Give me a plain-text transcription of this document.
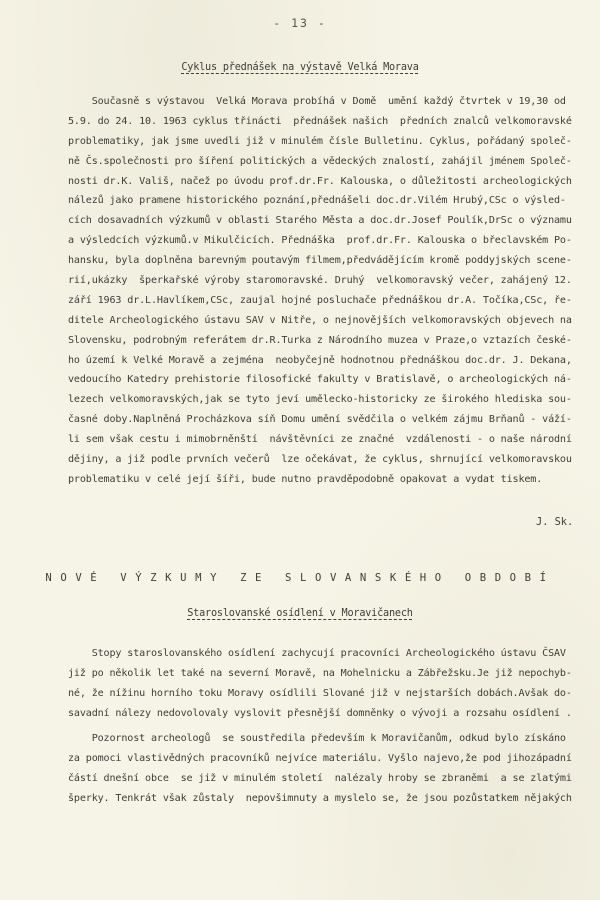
- 13 -
Cyklus přednášek na výstavě Velká Morava
Současně s výstavou  Velká Morava probíhá v Domě  umění každý čtvrtek v 19,30 od
5.9. do 24. 10. 1963 cyklus třinácti  přednášek našich  předních znalců velkomoravské
problematiky, jak jsme uvedli již v minulém čísle Bulletinu. Cyklus, pořádaný společ-
ně Čs.společnosti pro šíření politických a vědeckých znalostí, zahájil jménem Společ-
nosti dr.K. Vališ, načež po úvodu prof.dr.Fr. Kalouska, o důležitosti archeologických
nálezů jako pramene historického poznání,přednášeli doc.dr.Vilém Hrubý,CSc o výsled-
cích dosavadních výzkumů v oblasti Starého Města a doc.dr.Josef Poulík,DrSc o významu
a výsledcích výzkumů.v Mikulčicích. Přednáška  prof.dr.Fr. Kalouska o břeclavském Po-
hansku, byla doplněna barevným poutavým filmem,předvádějícím kromě poddyjských scene-
rií,ukázky  šperkařské výroby staromoravské. Druhý  velkomoravský večer, zahájený 12.
září 1963 dr.L.Havlíkem,CSc, zaujal hojné posluchače přednáškou dr.A. Točíka,CSc, ře-
ditele Archeologického ústavu SAV v Nitře, o nejnovějších velkomoravských objevech na
Slovensku, podrobným referátem dr.R.Turka z Národního muzea v Praze,o vztazích české-
ho území k Velké Moravě a zejména  neobyčejně hodnotnou přednáškou doc.dr. J. Dekana,
vedoucího Katedry prehistorie filosofické fakulty v Bratislavě, o archeologických ná-
lezech velkomoravských,jak se tyto jeví umělecko-historicky ze širokého hlediska sou-
časné doby.Naplněná Procházkova síň Domu umění svědčila o velkém zájmu Brňanů - váží-
li sem však cestu i mimobrněnští  návštěvníci ze značné  vzdálenosti - o naše národní
dějiny, a již podle prvních večerů  lze očekávat, že cyklus, shrnující velkomoravskou
problematiku v celé její šíři, bude nutno pravděpodobně opakovat a vydat tiskem.
J. Sk.
NOVÉ VÝZKUMY ZE SLOVANSKÉHO OBDOBÍ
Staroslovanské osídlení v Moravičanech
Stopy staroslovanského osídlení zachycují pracovníci Archeologického ústavu ČSAV
již po několik let také na severní Moravě, na Mohelnicku a Zábřežsku.Je již nepochyb-
né, že nížinu horního toku Moravy osídlili Slované již v nejstarších dobách.Avšak do-
savadní nálezy nedovolovaly vyslovit přesnější domněnky o vývoji a rozsahu osídlení .
Pozornost archeologů  se soustředila především k Moravičanům, odkud bylo získáno
za pomoci vlastivědných pracovníků nejvíce materiálu. Vyšlo najevo,že pod jihozápadní
částí dnešní obce  se již v minulém století  nalézaly hroby se zbraněmi  a se zlatými
šperky. Tenkrát však zůstaly  nepovšimnuty a myslelo se, že jsou pozůstatkem nějakých
